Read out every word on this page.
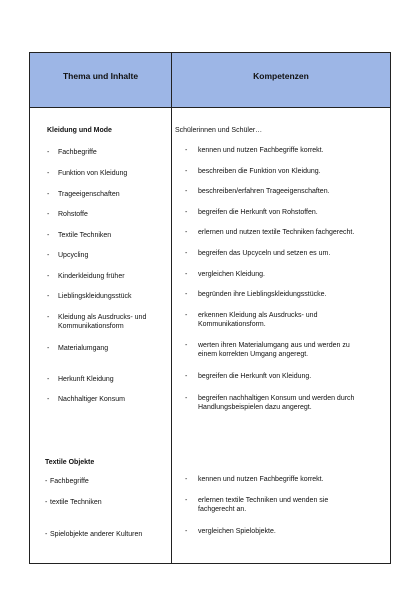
Thema und Inhalte	Kompetenzen
Kleidung und Mode	Schülerinnen und Schüler…
- Fachbegriffe
- Funktion von Kleidung
- Trageeigenschaften
- Rohstoffe
- Textile Techniken
- Upcycling
- Kinderkleidung früher
- Lieblingskleidungsstück
- Kleidung als Ausdrucks- und
Kommunikationsform
- Materialumgang
- Herkunft Kleidung
- Nachhaltiger Konsum
- kennen und nutzen Fachbegriffe korrekt.
- beschreiben die Funktion von Kleidung.
- beschreiben/erfahren Trageeigenschaften.
- begreifen die Herkunft von Rohstoffen.
- erlernen und nutzen textile Techniken fachgerecht.
- begreifen das Upcyceln und setzen es um.
- vergleichen Kleidung.
- begründen ihre Lieblingskleidungsstücke.
- erkennen Kleidung als Ausdrucks- und
Kommunikationsform.
- werten ihren Materialumgang aus und werden zu
einem korrekten Umgang angeregt.
- begreifen die Herkunft von Kleidung.
- begreifen nachhaltigen Konsum und werden durch
Handlungsbeispielen dazu angeregt.
Textile Objekte
- Fachbegriffe
- textile Techniken
- Spielobjekte anderer Kulturen
- kennen und nutzen Fachbegriffe korrekt.
- erlernen textile Techniken und wenden sie
fachgerecht an.
- vergleichen Spielobjekte.
